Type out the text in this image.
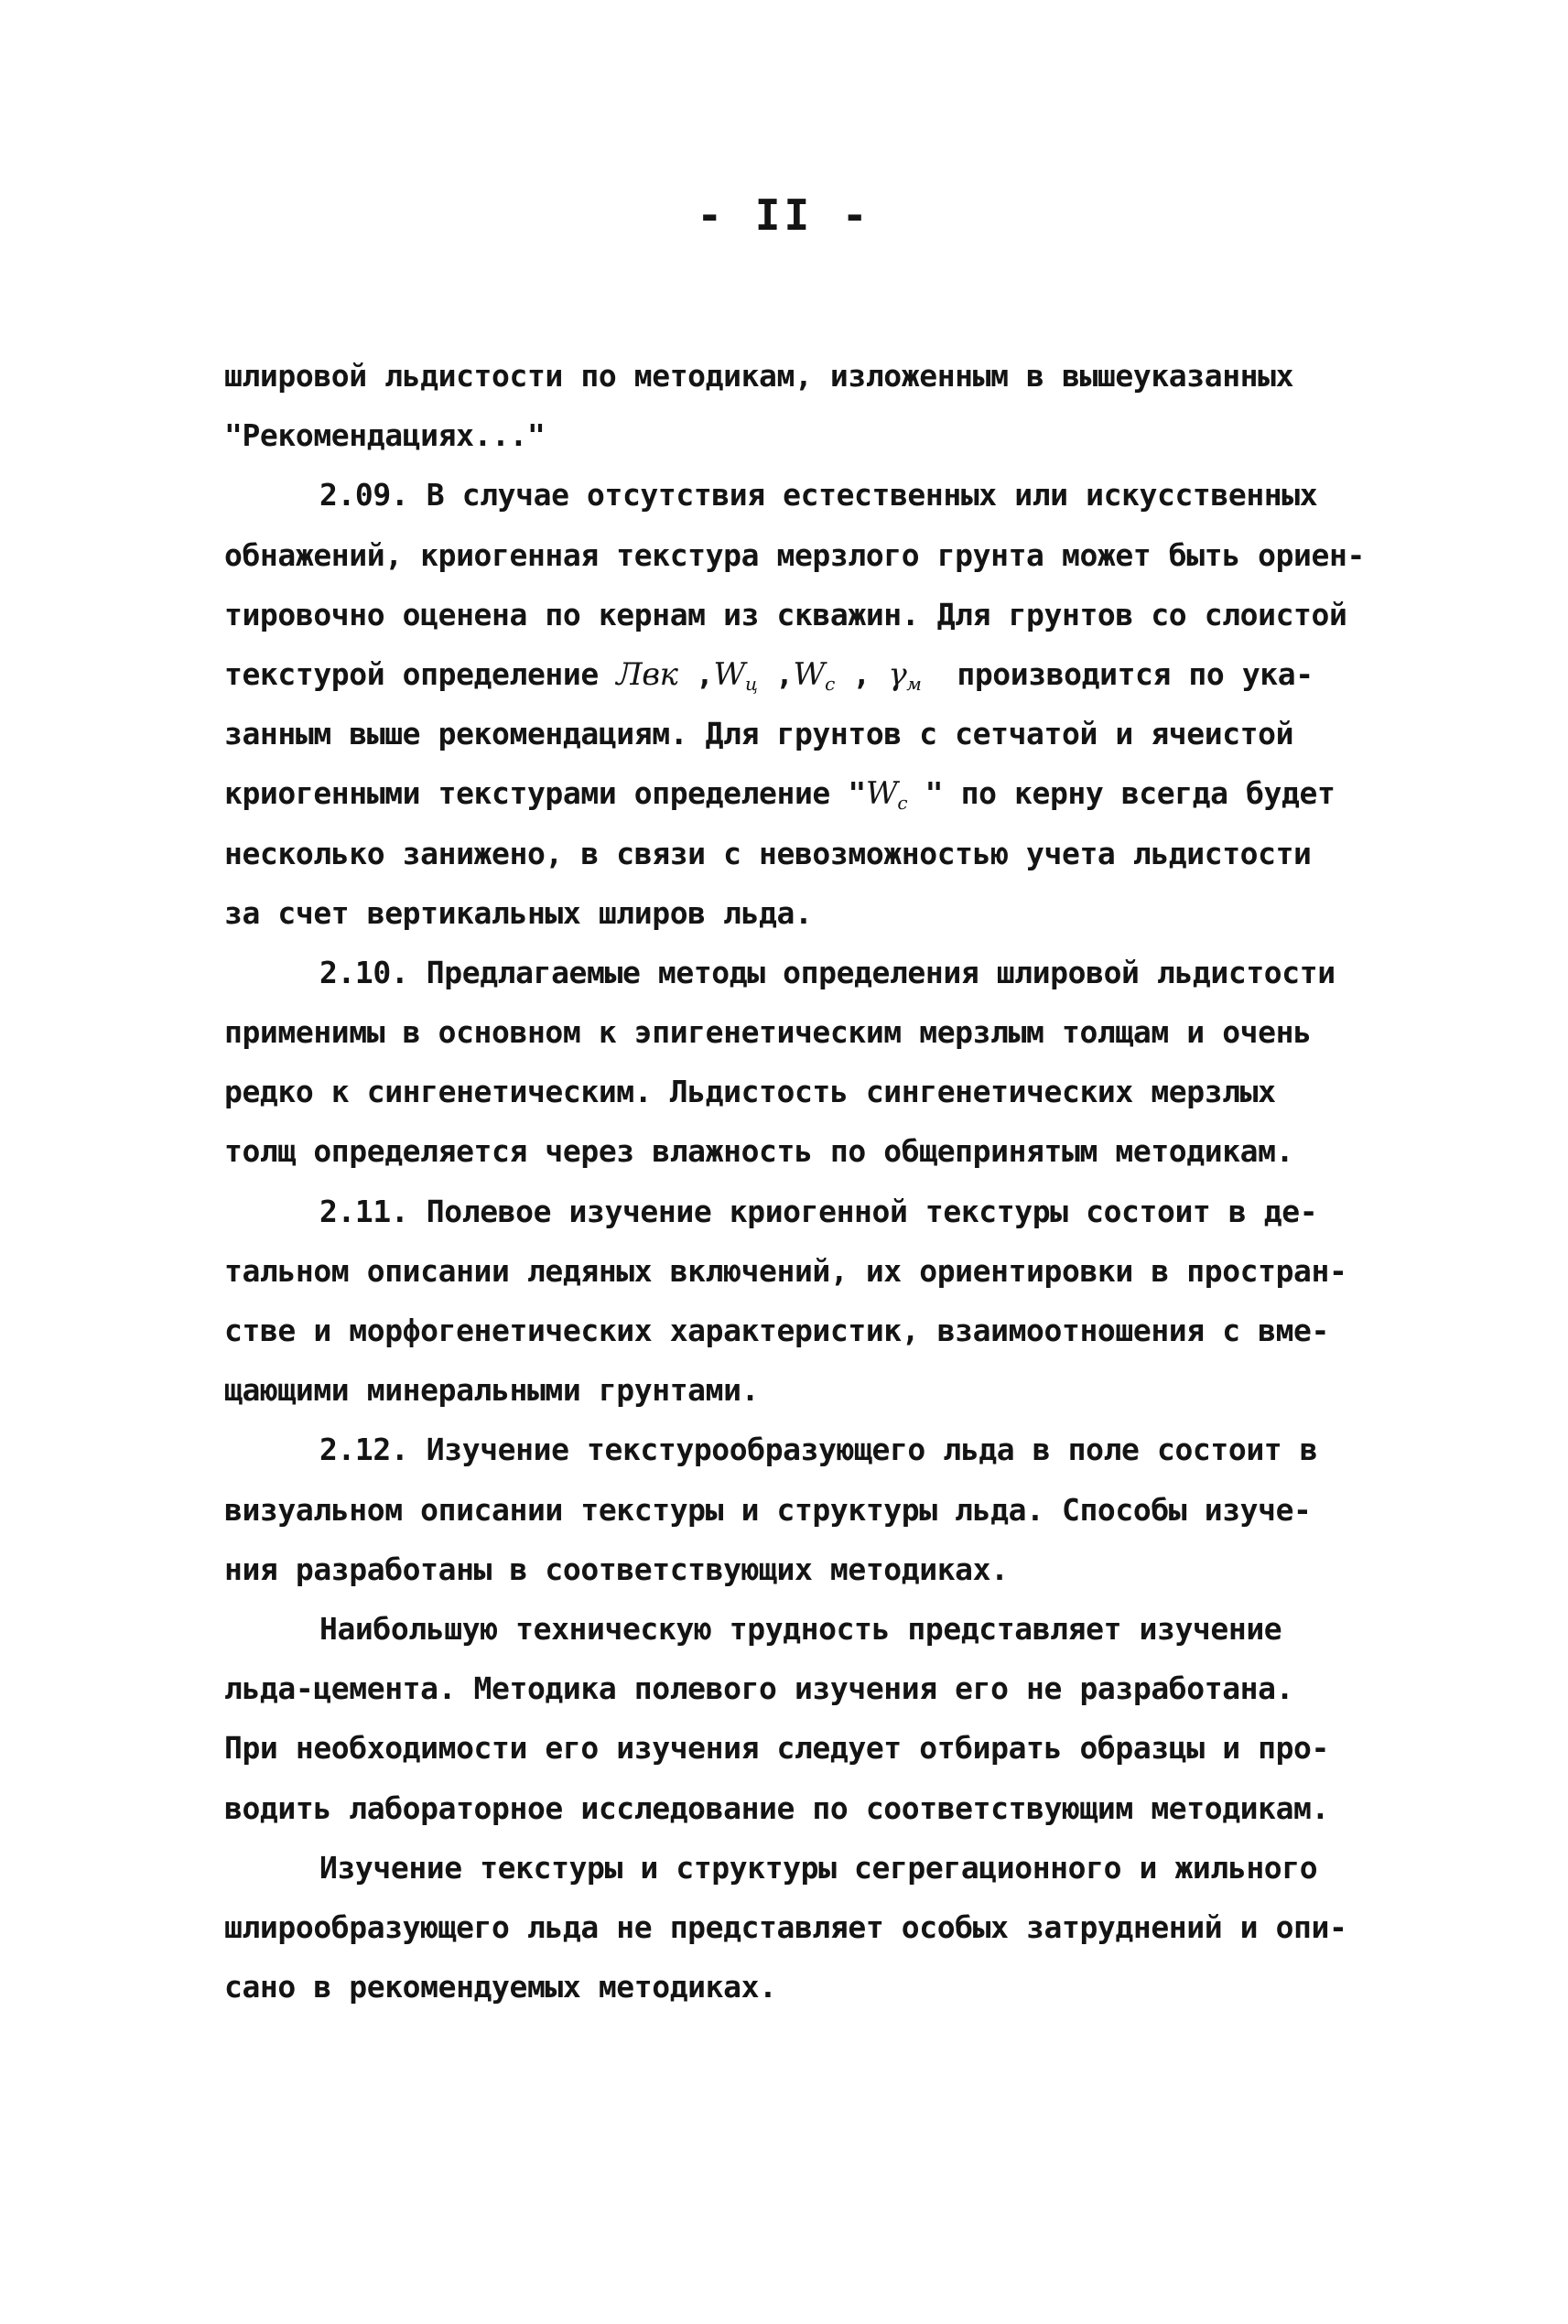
- II -
шлировой льдистости по методикам, изложенным в вышеуказанных
"Рекомендациях..."
2.09. В случае отсутствия естественных или искусственных
обнажений, криогенная текстура мерзлого грунта может быть ориен-
тировочно оценена по кернам из скважин. Для грунтов со слоистой
текстурой определение Лвк $,W_ц$ $,W_с$ , $\gamma_м$  производится по ука-
занным выше рекомендациям. Для грунтов с сетчатой и ячеистой
криогенными текстурами определение "$W_с$ " по керну всегда будет
несколько занижено, в связи с невозможностью учета льдистости
за счет вертикальных шлиров льда.
2.10. Предлагаемые методы определения шлировой льдистости
применимы в основном к эпигенетическим мерзлым толщам и очень
редко к сингенетическим. Льдистость сингенетических мерзлых
толщ определяется через влажность по общепринятым методикам.
2.11. Полевое изучение криогенной текстуры состоит в де-
тальном описании ледяных включений, их ориентировки в простран-
стве и морфогенетических характеристик, взаимоотношения с вме-
щающими минеральными грунтами.
2.12. Изучение текстурообразующего льда в поле состоит в
визуальном описании текстуры и структуры льда. Способы изуче-
ния разработаны в соответствующих методиках.
Наибольшую техническую трудность представляет изучение
льда-цемента. Методика полевого изучения его не разработана.
При необходимости его изучения следует отбирать образцы и про-
водить лабораторное исследование по соответствующим методикам.
Изучение текстуры и структуры сегрегационного и жильного
шлирообразующего льда не представляет особых затруднений и опи-
сано в рекомендуемых методиках.
